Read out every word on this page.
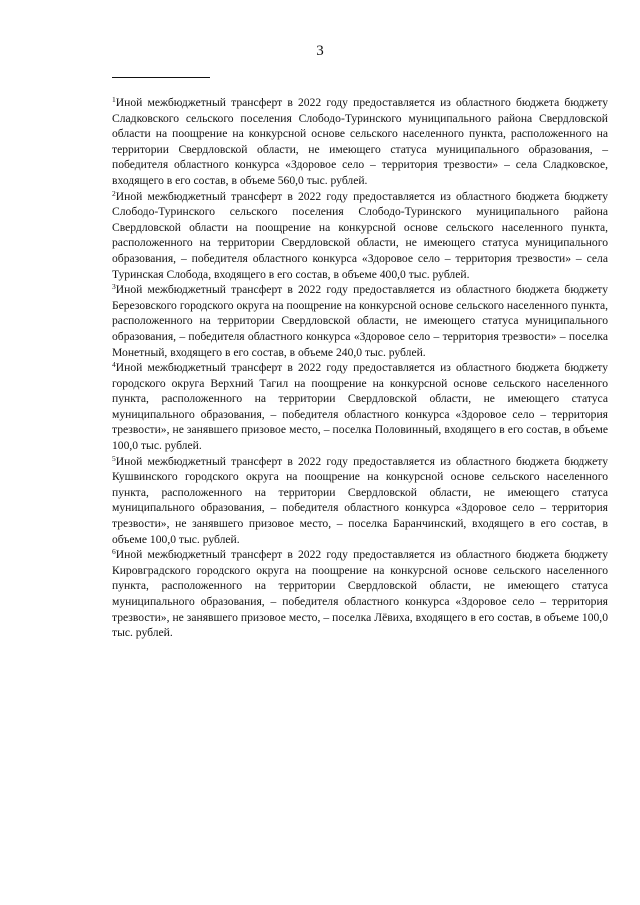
3

$^1$Иной межбюджетный трансферт в 2022 году предоставляется из областного бюджета бюджету Сладковского сельского поселения Слободо-Туринского муниципального района Свердловской области на поощрение на конкурсной основе сельского населенного пункта, расположенного на территории Свердловской области, не имеющего статуса муниципального образования, – победителя областного конкурса «Здоровое село – территория трезвости» – села Сладковское, входящего в его состав, в объеме 560,0 тыс. рублей.

$^2$Иной межбюджетный трансферт в 2022 году предоставляется из областного бюджета бюджету Слободо-Туринского сельского поселения Слободо-Туринского муниципального района Свердловской области на поощрение на конкурсной основе сельского населенного пункта, расположенного на территории Свердловской области, не имеющего статуса муниципального образования, – победителя областного конкурса «Здоровое село – территория трезвости» – села Туринская Слобода, входящего в его состав, в объеме 400,0 тыс. рублей.

$^3$Иной межбюджетный трансферт в 2022 году предоставляется из областного бюджета бюджету Березовского городского округа на поощрение на конкурсной основе сельского населенного пункта, расположенного на территории Свердловской области, не имеющего статуса муниципального образования, – победителя областного конкурса «Здоровое село – территория трезвости» – поселка Монетный, входящего в его состав, в объеме 240,0 тыс. рублей.

$^4$Иной межбюджетный трансферт в 2022 году предоставляется из областного бюджета бюджету городского округа Верхний Тагил на поощрение на конкурсной основе сельского населенного пункта, расположенного на территории Свердловской области, не имеющего статуса муниципального образования, – победителя областного конкурса «Здоровое село – территория трезвости», не занявшего призовое место, – поселка Половинный, входящего в его состав, в объеме 100,0 тыс. рублей.

$^5$Иной межбюджетный трансферт в 2022 году предоставляется из областного бюджета бюджету Кушвинского городского округа на поощрение на конкурсной основе сельского населенного пункта, расположенного на территории Свердловской области, не имеющего статуса муниципального образования, – победителя областного конкурса «Здоровое село – территория трезвости», не занявшего призовое место, – поселка Баранчинский, входящего в его состав, в объеме 100,0 тыс. рублей.

$^6$Иной межбюджетный трансферт в 2022 году предоставляется из областного бюджета бюджету Кировградского городского округа на поощрение на конкурсной основе сельского населенного пункта, расположенного на территории Свердловской области, не имеющего статуса муниципального образования, – победителя областного конкурса «Здоровое село – территория трезвости», не занявшего призовое место, – поселка Лёвиха, входящего в его состав, в объеме 100,0 тыс. рублей.
